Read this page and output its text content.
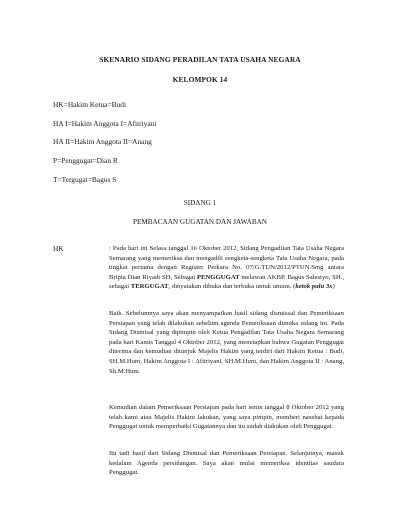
SKENARIO SIDANG PERADILAN TATA USAHA NEGARA
KELOMPOK 14
HK=Hakim Ketua=Budi
HA I=Hakim Anggota I=Afitriyani
HA II=Hakim Anggota II=Anang
P=Penggugat=Dian R
T=Tergugat=Bagus S
SIDANG 1
PEMBACAAN GUGATAN DAN JAWABAN
HK	: Pada hari ini Selasa tanggal 16 Oktober 2012, Sidang Pengadilan Tata Usaha Negara Semarang yang memeriksa dan mengadili sengketa-sengketa Tata Usaha Negara, pada tingkat pertama dengan Register Perkara No. 07/G.TUN/2012/PTUN.Smg antara Bripta Dian Riyadi SH, Sebagai PENGGUGAT melawan AKBP. Bagus Salestyo, SH., sebagai TERGUGAT, dinyatakan dibuka dan terbuka untuk umum. (ketok palu 3x)
Baik. Sebelumnya saya akan menyampaikan hasil sidang dismissal dan Pemeriksaan Persiapan yang telah dilakukan sebelum agenda Pemeriksaan dimuka sidang ini. Pada Sidang Dismisal yang dipimpin oleh Ketua Pengadilan Tata Usaha Negara Semarang pada hari Kamis Tanggal 4 Oktober 2012, yang menetapkan bahwa Gugatan Penggugat diterima dan kemudian ditunjuk Majelis Hakim yang terdiri dari Hakim Ketua : Budi, SH.M.Hum, Hakim Anggota I : Afitriyani, SH.M.Hum, dan Hakim Anggota II : Anang, Sh.M.Hum.
Kemudian dalam Pemeriksaan Persiapan pada hari senin tanggal 8 Oktober 2012 yang telah kami atau Majelis Hakim lakukan, yang saya pimpin, memberi nasehat kepada Penggugat untuk memperbaiki Gugatannya dan itu sudah diakukan oleh Penggugat.
Itu tadi hasil dari Sidang Dismisal dan Pemeriksaan Persiapan. Selanjutnya, masuk kedalam Agenda persidangan. Saya akan mulai memeriksa identitas saudara Penggugat.
